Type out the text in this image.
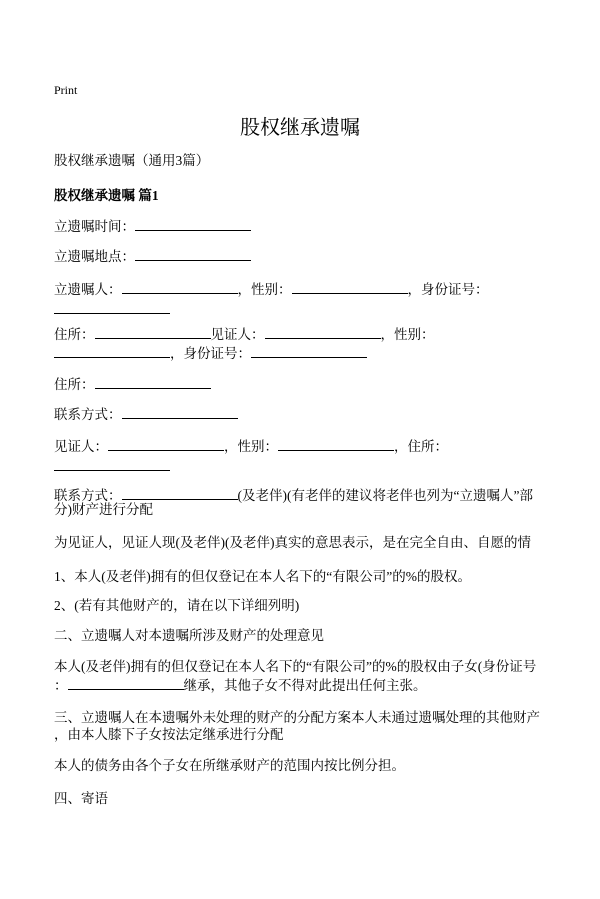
Print
股权继承遗嘱
股权继承遗嘱（通用3篇）
股权继承遗嘱 篇1
立遗嘱时间：
立遗嘱地点：
立遗嘱人：	，性别：	，身份证号：
住所：	见证人：	，性别：
，身份证号：
住所：
联系方式：
见证人：	，性别：	，住所：
联系方式：	(及老伴)(有老伴的建议将老伴也列为“立遗嘱人”部
分)财产进行分配
为见证人，见证人现(及老伴)(及老伴)真实的意思表示，是在完全自由、自愿的情
1、本人(及老伴)拥有的但仅登记在本人名下的“有限公司”的%的股权。
2、(若有其他财产的，请在以下详细列明)
二、立遗嘱人对本遗嘱所涉及财产的处理意见
本人(及老伴)拥有的但仅登记在本人名下的“有限公司”的%的股权由子女(身份证号
：	继承，其他子女不得对此提出任何主张。
三、立遗嘱人在本遗嘱外未处理的财产的分配方案本人未通过遗嘱处理的其他财产
，由本人膝下子女按法定继承进行分配
本人的债务由各个子女在所继承财产的范围内按比例分担。
四、寄语
